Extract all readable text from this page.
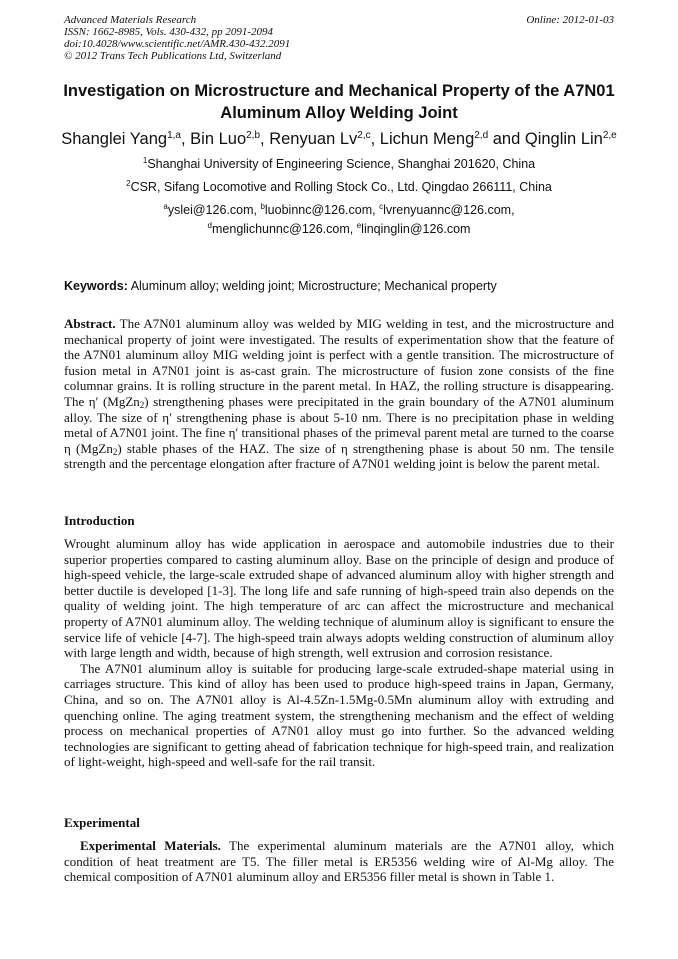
Advanced Materials Research
ISSN: 1662-8985, Vols. 430-432, pp 2091-2094
doi:10.4028/www.scientific.net/AMR.430-432.2091
© 2012 Trans Tech Publications Ltd, Switzerland
Online: 2012-01-03
Investigation on Microstructure and Mechanical Property of the A7N01
Aluminum Alloy Welding Joint
Shanglei Yang$^{1,a}$, Bin Luo$^{2,b}$, Renyuan Lv$^{2,c}$, Lichun Meng$^{2,d}$ and Qinglin Lin$^{2,e}$
$^1$Shanghai University of Engineering Science, Shanghai 201620, China
$^2$CSR, Sifang Locomotive and Rolling Stock Co., Ltd. Qingdao 266111, China
$^a$yslei@126.com, $^b$luobinnc@126.com, $^c$lvrenyuannc@126.com,
$^d$menglichunnc@126.com, $^e$linqinglin@126.com
Keywords: Aluminum alloy; welding joint; Microstructure; Mechanical property
Abstract. The A7N01 aluminum alloy was welded by MIG welding in test, and the microstructure and mechanical property of joint were investigated. The results of experimentation show that the feature of the A7N01 aluminum alloy MIG welding joint is perfect with a gentle transition. The microstructure of fusion metal in A7N01 joint is as-cast grain. The microstructure of fusion zone consists of the fine columnar grains. It is rolling structure in the parent metal. In HAZ, the rolling structure is disappearing. The η′ (MgZn$_2$) strengthening phases were precipitated in the grain boundary of the A7N01 aluminum alloy. The size of η′ strengthening phase is about 5-10 nm. There is no precipitation phase in welding metal of A7N01 joint. The fine η′ transitional phases of the primeval parent metal are turned to the coarse η (MgZn$_2$) stable phases of the HAZ. The size of η strengthening phase is about 50 nm. The tensile strength and the percentage elongation after fracture of A7N01 welding joint is below the parent metal.
Introduction

Wrought aluminum alloy has wide application in aerospace and automobile industries due to their superior properties compared to casting aluminum alloy. Base on the principle of design and produce of high-speed vehicle, the large-scale extruded shape of advanced aluminum alloy with higher strength and better ductile is developed [1-3]. The long life and safe running of high-speed train also depends on the quality of welding joint. The high temperature of arc can affect the microstructure and mechanical property of A7N01 aluminum alloy. The welding technique of aluminum alloy is significant to ensure the service life of vehicle [4-7]. The high-speed train always adopts welding construction of aluminum alloy with large length and width, because of high strength, well extrusion and corrosion resistance.

The A7N01 aluminum alloy is suitable for producing large-scale extruded-shape material using in carriages structure. This kind of alloy has been used to produce high-speed trains in Japan, Germany, China, and so on. The A7N01 alloy is Al-4.5Zn-1.5Mg-0.5Mn aluminum alloy with extruding and quenching online. The aging treatment system, the strengthening mechanism and the effect of welding process on mechanical properties of A7N01 alloy must go into further. So the advanced welding technologies are significant to getting ahead of fabrication technique for high-speed train, and realization of light-weight, high-speed and well-safe for the rail transit.

Experimental

Experimental Materials. The experimental aluminum materials are the A7N01 alloy, which condition of heat treatment are T5. The filler metal is ER5356 welding wire of Al-Mg alloy. The chemical composition of A7N01 aluminum alloy and ER5356 filler metal is shown in Table 1.
